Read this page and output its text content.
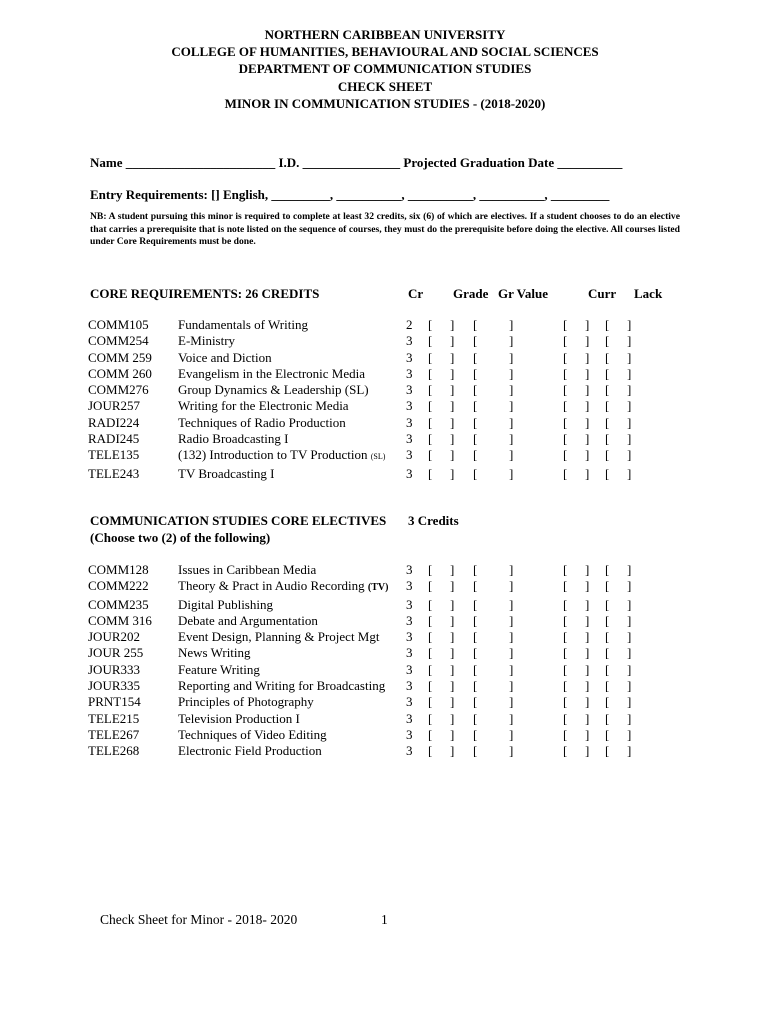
NORTHERN CARIBBEAN UNIVERSITY
COLLEGE OF HUMANITIES, BEHAVIOURAL AND SOCIAL SCIENCES
DEPARTMENT OF COMMUNICATION STUDIES
CHECK SHEET
MINOR IN COMMUNICATION STUDIES - (2018-2020)
Name _______________________ I.D. _______________ Projected Graduation Date __________
Entry Requirements: [] English, _________, __________, __________, __________, _________
NB: A student pursuing this minor is required to complete at least 32 credits, six (6) of which are electives. If a student chooses to do an elective that carries a prerequisite that is note listed on the sequence of courses, they must do the prerequisite before doing the elective. All courses listed under Core Requirements must be done.
CORE REQUIREMENTS: 26 CREDITS	Cr Grade Gr Value	Curr Lack
COMM105	Fundamentals of Writing	2	[ ]	[ ]	[ ]	[ ]
COMM254	E-Ministry	3	[ ]	[ ]	[ ]	[ ]
COMM 259	Voice and Diction	3	[ ]	[ ]	[ ]	[ ]
COMM 260	Evangelism in the Electronic Media	3	[ ]	[ ]	[ ]	[ ]
COMM276	Group Dynamics & Leadership (SL)	3	[ ]	[ ]	[ ]	[ ]
JOUR257	Writing for the Electronic Media	3	[ ]	[ ]	[ ]	[ ]
RADI224	Techniques of Radio Production	3	[ ]	[ ]	[ ]	[ ]
RADI245	Radio Broadcasting I	3	[ ]	[ ]	[ ]	[ ]
TELE135	(132) Introduction to TV Production (SL)	3	[ ]	[ ]	[ ]	[ ]
TELE243	TV Broadcasting I	3	[ ]	[ ]	[ ]	[ ]
COMMUNICATION STUDIES CORE ELECTIVES 3 Credits
(Choose two (2) of the following)
COMM128	Issues in Caribbean Media	3	[ ]	[ ]	[ ]	[ ]
COMM222	Theory & Pract in Audio Recording (TV)	3	[ ]	[ ]	[ ]	[ ]
COMM235	Digital Publishing	3	[ ]	[ ]	[ ]	[ ]
COMM 316	Debate and Argumentation	3	[ ]	[ ]	[ ]	[ ]
JOUR202	Event Design, Planning & Project Mgt	3	[ ]	[ ]	[ ]	[ ]
JOUR 255	News Writing	3	[ ]	[ ]	[ ]	[ ]
JOUR333	Feature Writing	3	[ ]	[ ]	[ ]	[ ]
JOUR335	Reporting and Writing for Broadcasting	3	[ ]	[ ]	[ ]	[ ]
PRNT154	Principles of Photography	3	[ ]	[ ]	[ ]	[ ]
TELE215	Television Production I	3	[ ]	[ ]	[ ]	[ ]
TELE267	Techniques of Video Editing	3	[ ]	[ ]	[ ]	[ ]
TELE268	Electronic Field Production	3	[ ]	[ ]	[ ]	[ ]
Check Sheet for Minor - 2018- 2020	1
